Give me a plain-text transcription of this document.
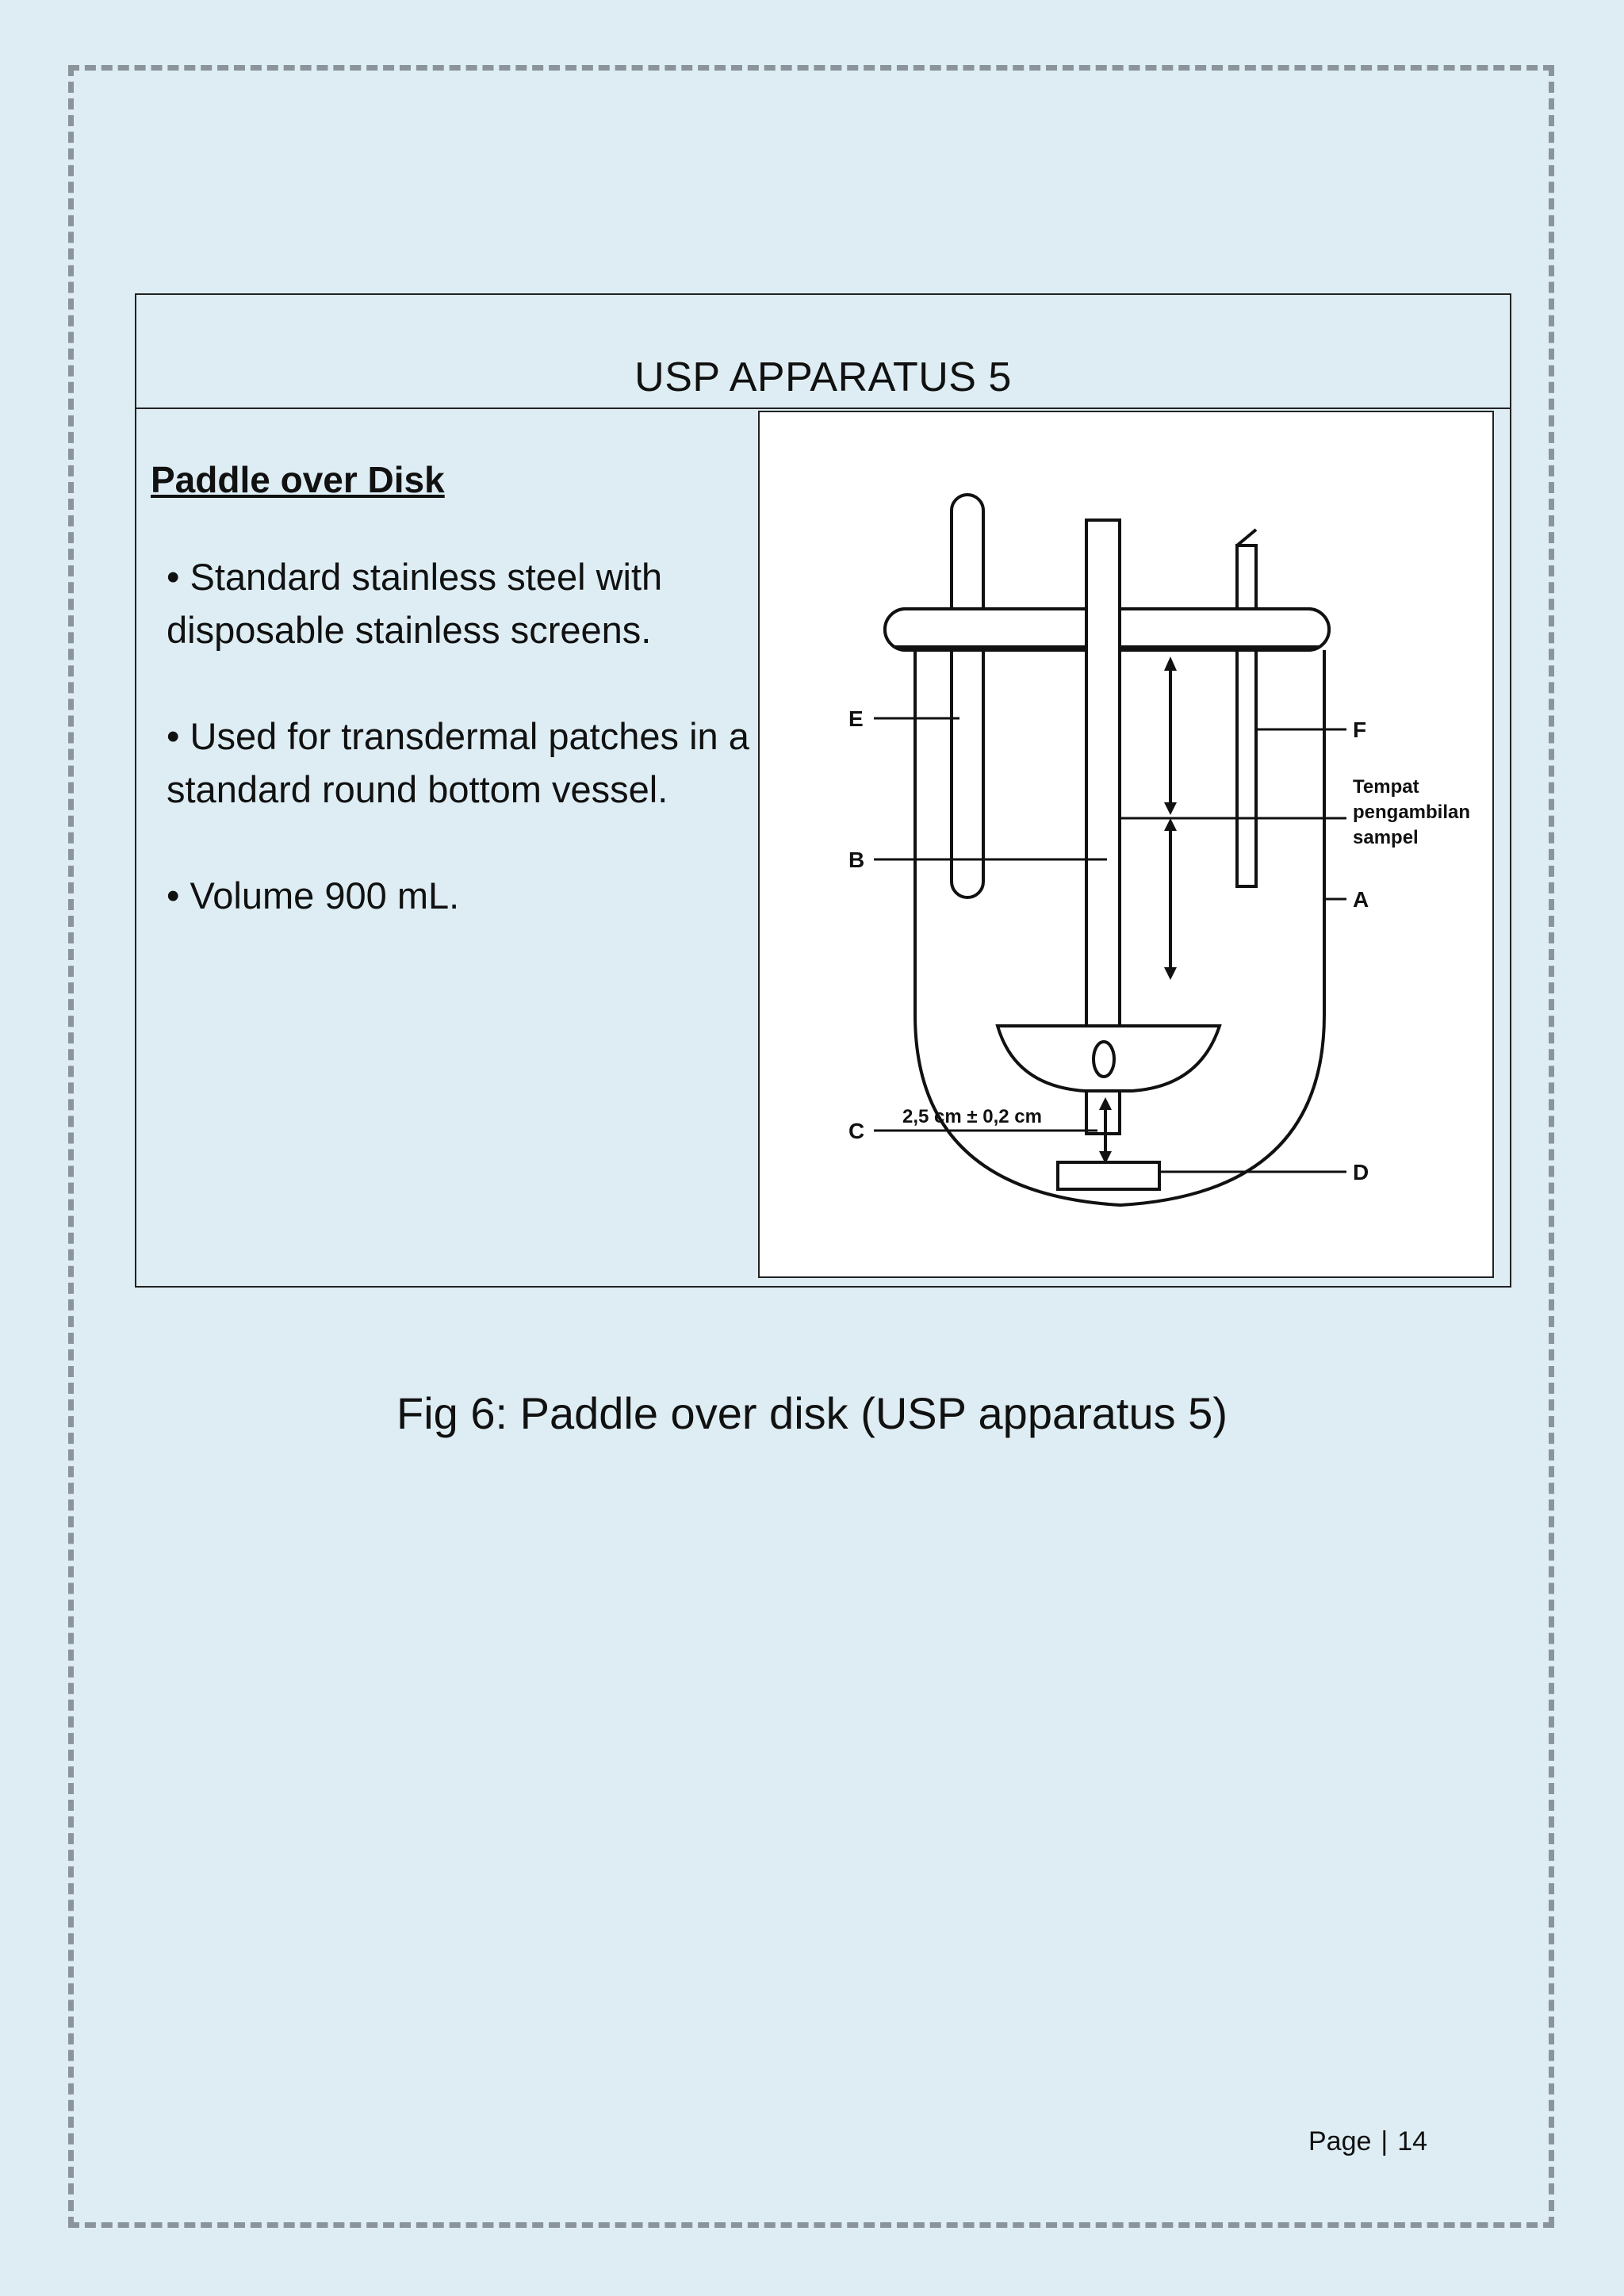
USP APPARATUS 5
Paddle over Disk
• Standard stainless steel with disposable stainless screens.
• Used for transdermal patches in a standard round bottom vessel.
• Volume 900 mL.
E
B
C
F
A
D
Tempat
pengambilan
sampel
2,5 cm ± 0,2 cm
Fig 6: Paddle over disk (USP apparatus 5)
Page | 14
